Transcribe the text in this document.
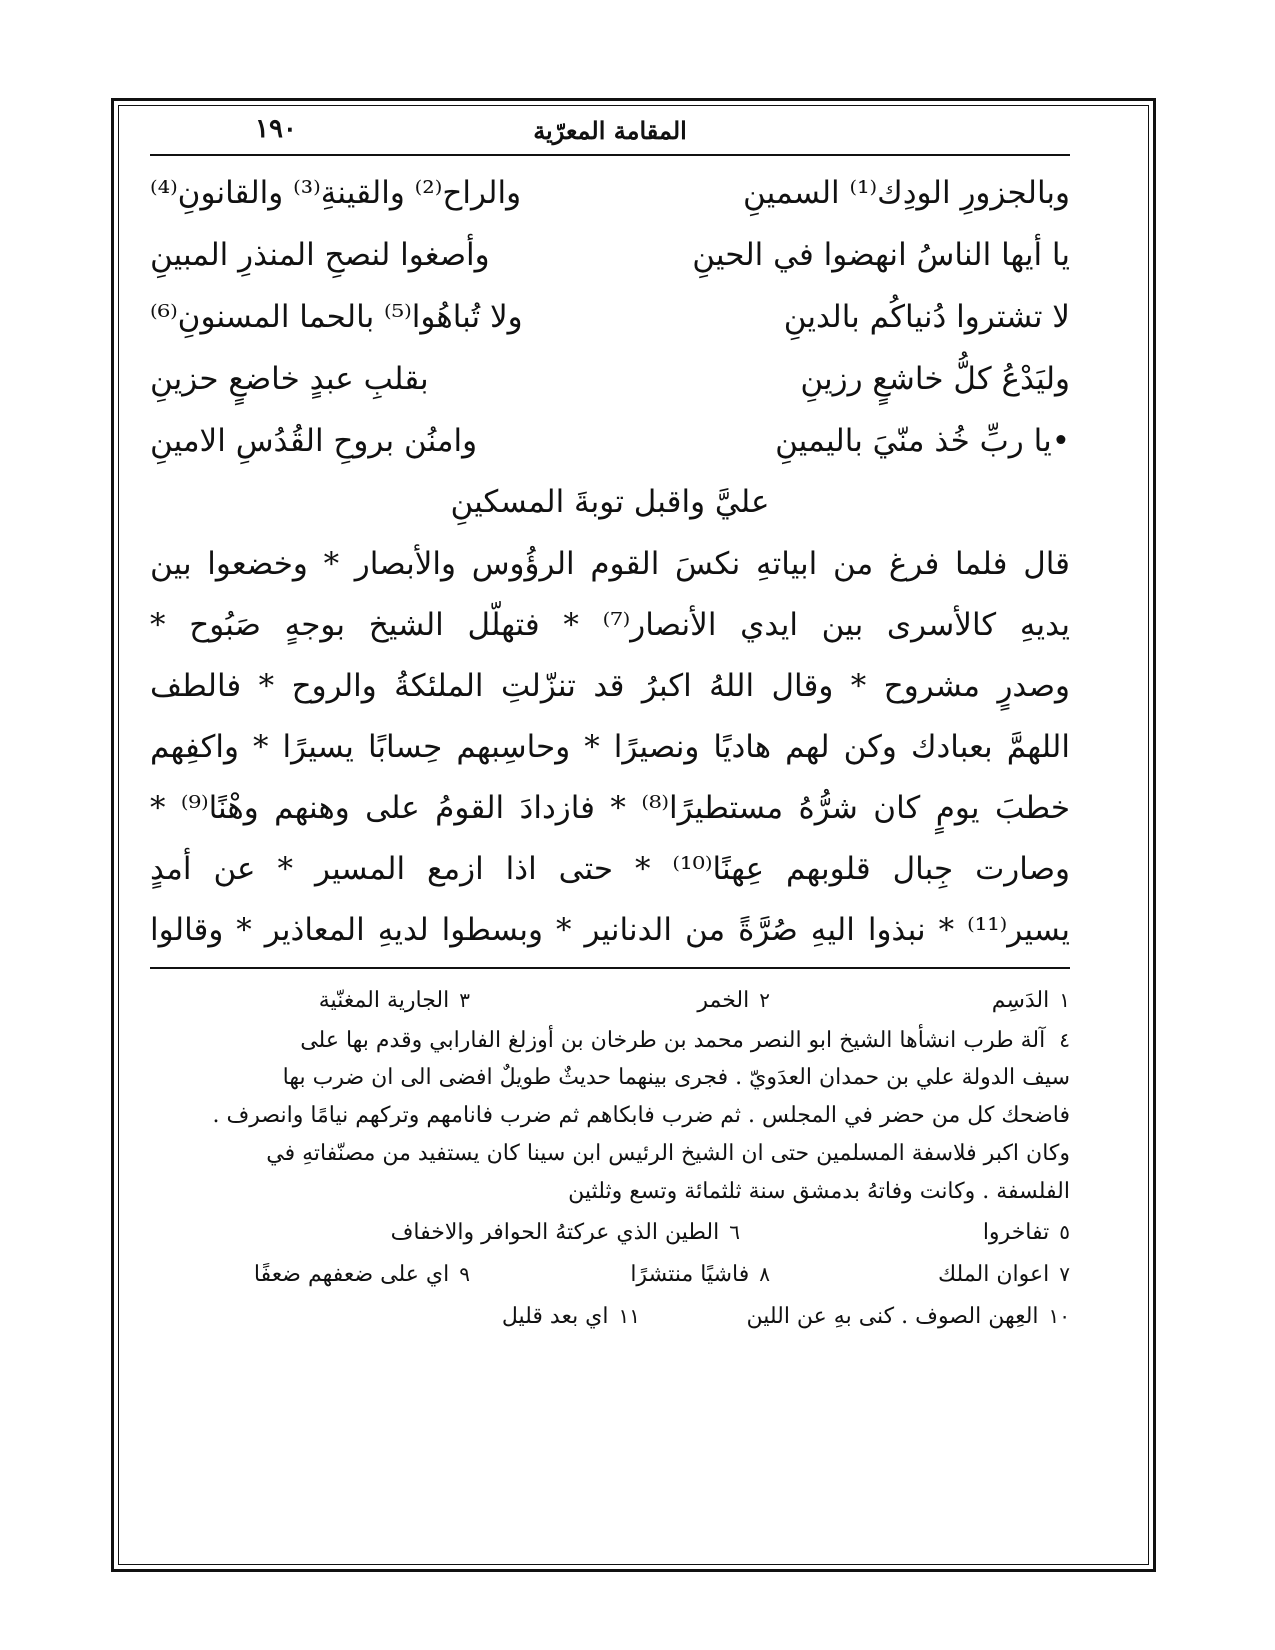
المقامة المعرّية
١٩٠
وبالجزورِ الودِك⁽¹⁾ السمينِ
والراح⁽²⁾ والقينةِ⁽³⁾ والقانونِ⁽⁴⁾
يا أيها الناسُ انهضوا في الحينِ
وأصغوا لنصحِ المنذرِ المبينِ
لا تشتروا دُنياكُم بالدينِ
ولا تُباهُوا⁽⁵⁾ بالحما المسنونِ⁽⁶⁾
وليَدْعُ كلُّ خاشعٍ رزينِ
بقلبِ عبدٍ خاضعٍ حزينِ
•يا ربِّ خُذ منّيَ باليمينِ
وامنُن بروحِ القُدُسِ الامينِ
عليَّ واقبل توبةَ المسكينِ
قال فلما فرغ من ابياتهِ نكسَ القوم الرؤُوس والأبصار * وخضعوا بين
يديهِ كالأسرى بين ايدي الأنصار⁽⁷⁾ * فتهلّل الشيخ بوجهٍ صَبُوح *
وصدرٍ مشروح * وقال اللهُ اكبرُ قد تنزّلتِ الملئكةُ والروح * فالطف
اللهمَّ بعبادك وكن لهم هاديًا ونصيرًا * وحاسِبهم حِسابًا يسيرًا * واكفِهم
خطبَ يومٍ كان شرُّهُ مستطيرًا⁽⁸⁾ * فازدادَ القومُ على وهنهم وهْنًا⁽⁹⁾ *
وصارت جِبال قلوبهم عِهنًا⁽¹⁰⁾ * حتى اذا ازمع المسير * عن أمدٍ
يسير⁽¹¹⁾ * نبذوا اليهِ صُرَّةً من الدنانير * وبسطوا لديهِ المعاذير * وقالوا
١
الدَسِم
٢
الخمر
٣
الجارية المغنّية
٤  آلة طرب انشأها الشيخ ابو النصر محمد بن طرخان بن أوزلغ الفارابي وقدم بها على
سيف الدولة علي بن حمدان العدَويّ . فجرى بينهما حديثٌ طويلٌ افضى الى ان ضرب بها
فاضحك كل من حضر في المجلس . ثم ضرب فابكاهم ثم ضرب فانامهم وتركهم نيامًا وانصرف .
وكان اكبر فلاسفة المسلمين حتى ان الشيخ الرئيس ابن سينا كان يستفيد من مصنّفاتهِ في
الفلسفة . وكانت وفاتهُ بدمشق سنة ثلثمائة وتسع وثلثين
٥
تفاخروا
٦
الطين الذي عركتهُ الحوافر والاخفاف
٧
اعوان الملك
٨
فاشيًا منتشرًا
٩
اي على ضعفهم ضعفًا
١٠
العِهن الصوف . كنى بهِ عن اللين
١١
اي بعد قليل
